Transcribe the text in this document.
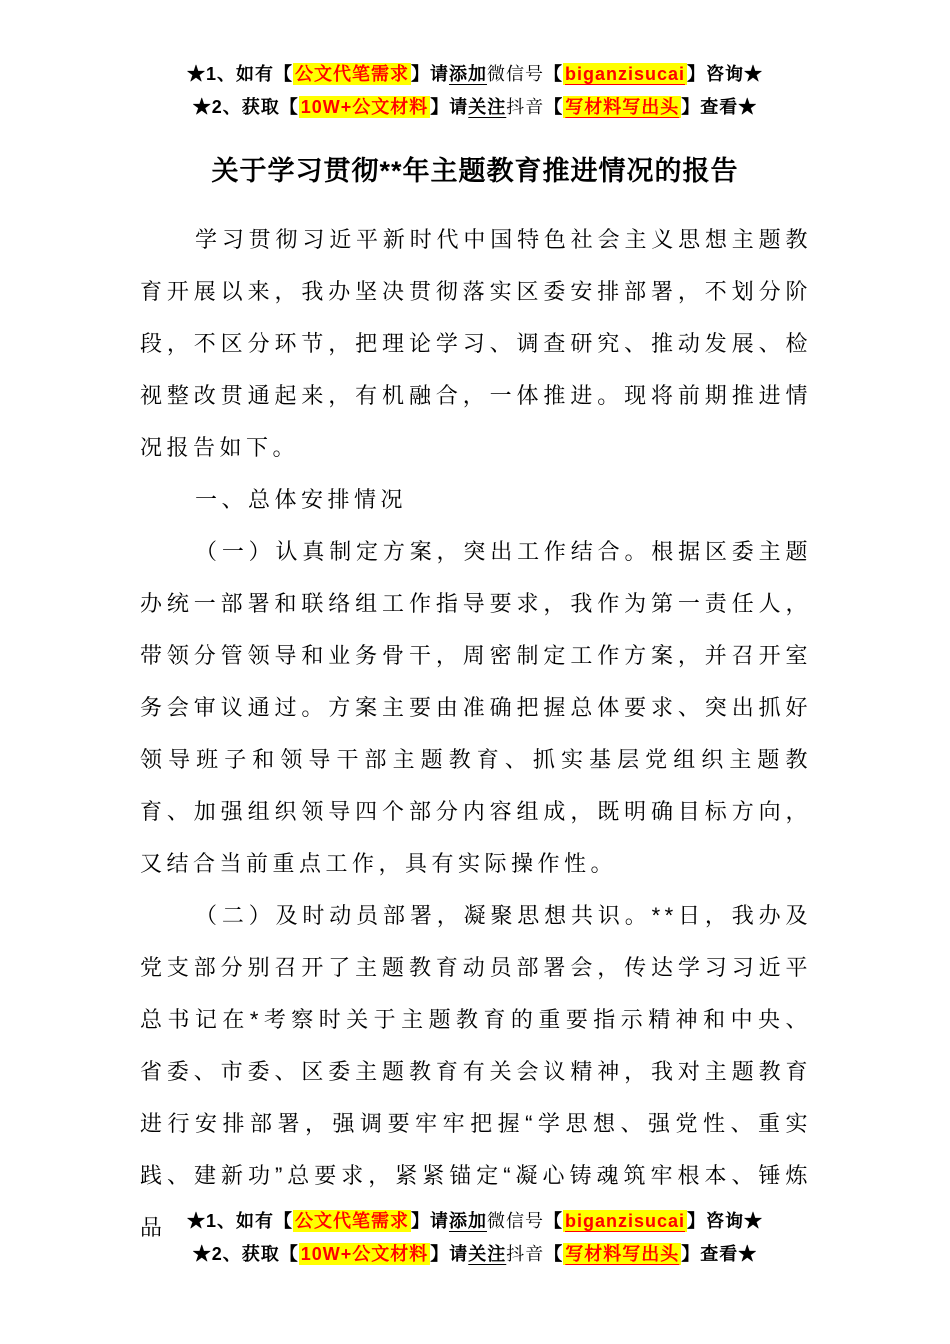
★1、如有【 公文代笔需求 】请添加微信号【 biganzisucai 】咨询★
★2、获取【 10W+公文材料 】请关注抖音【 写材料写出头 】查看★
关于学习贯彻**年主题教育推进情况的报告

学习贯彻习近平新时代中国特色社会主义思想主题教育开展以来，我办坚决贯彻落实区委安排部署，不划分阶段，不区分环节，把理论学习、调查研究、推动发展、检视整改贯通起来，有机融合，一体推进。现将前期推进情况报告如下。

一、总体安排情况

（一）认真制定方案，突出工作结合。根据区委主题办统一部署和联络组工作指导要求，我作为第一责任人，带领分管领导和业务骨干，周密制定工作方案，并召开室务会审议通过。方案主要由准确把握总体要求、突出抓好领导班子和领导干部主题教育、抓实基层党组织主题教育、加强组织领导四个部分内容组成，既明确目标方向，又结合当前重点工作，具有实际操作性。

（二）及时动员部署，凝聚思想共识。**日，我办及党支部分别召开了主题教育动员部署会，传达学习习近平总书记在*考察时关于主题教育的重要指示精神和中央、省委、市委、区委主题教育有关会议精神，我对主题教育进行安排部署，强调要牢牢把握“学思想、强党性、重实践、建新功”总要求，紧紧锚定“凝心铸魂筑牢根本、锤炼品	★1、如有【 公文代笔需求 】请添加微信号【 biganzisucai 】咨询★
★2、获取【 10W+公文材料 】请关注抖音【 写材料写出头 】查看★
